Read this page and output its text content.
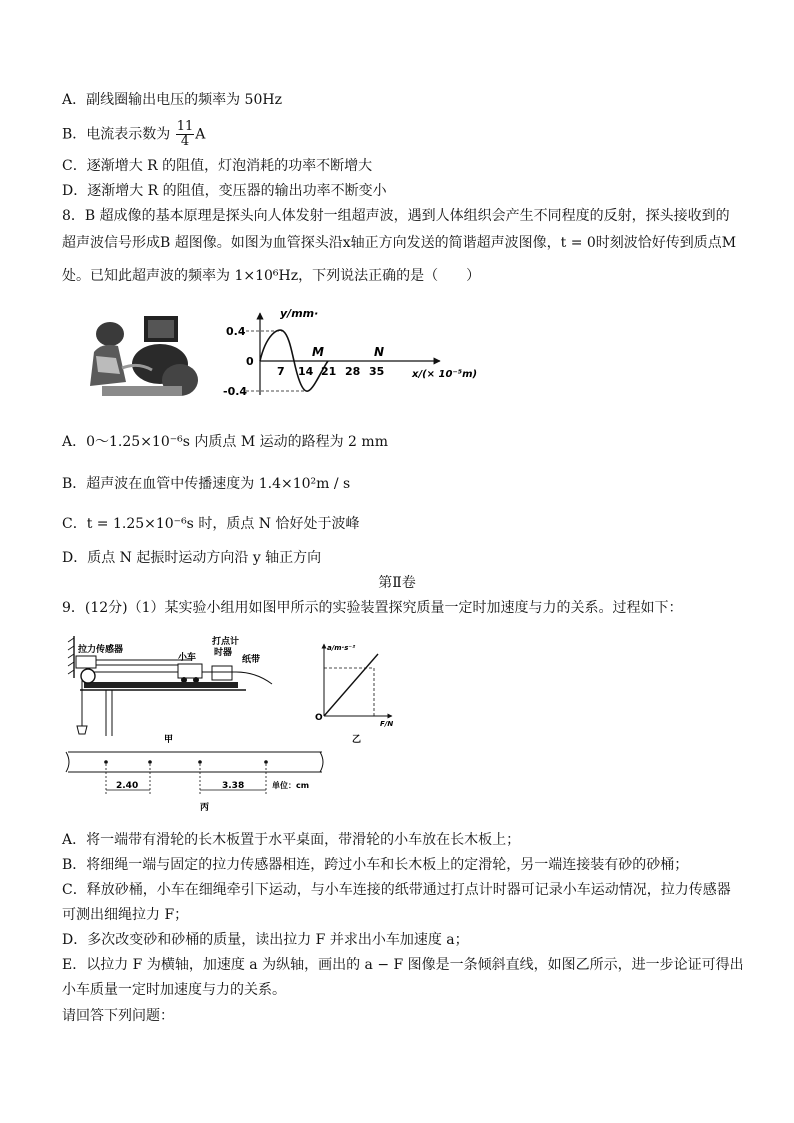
A．副线圈输出电压的频率为 50Hz
B．电流表示数为 $\frac{11}{4}$ A
C．逐渐增大 R 的阻值，灯泡消耗的功率不断增大
D．逐渐增大 R 的阻值，变压器的输出功率不断变小
8．B 超成像的基本原理是探头向人体发射一组超声波，遇到人体组织会产生不同程度的反射，探头接收到的
超声波信号形成B 超图像。如图为血管探头沿x轴正方向发送的简谐超声波图像，t = 0时刻波恰好传到质点M
处。已知此超声波的频率为 1×10⁶Hz，下列说法正确的是（　　）
y/mm·
0.4
0
-0.4
7 14 21 28 35
M	N
x/(× 10⁻⁵m)
A．0～1.25×10⁻⁶s 内质点 M 运动的路程为 2 mm
B．超声波在血管中传播速度为 1.4×10²m / s
C．t = 1.25×10⁻⁶s 时，质点 N 恰好处于波峰
D．质点 N 起振时运动方向沿 y 轴正方向
第Ⅱ卷
9．(12分)（1）某实验小组用如图甲所示的实验装置探究质量一定时加速度与力的关系。过程如下：
拉力传感器
小车
打点计
时器
纸带
甲
a/m·s⁻²
F/N
O
乙
2.40	3.38	单位：cm
丙
A．将一端带有滑轮的长木板置于水平桌面，带滑轮的小车放在长木板上；
B．将细绳一端与固定的拉力传感器相连，跨过小车和长木板上的定滑轮，另一端连接装有砂的砂桶；
C．释放砂桶，小车在细绳牵引下运动，与小车连接的纸带通过打点计时器可记录小车运动情况，拉力传感器
可测出细绳拉力 F；
D．多次改变砂和砂桶的质量，读出拉力 F 并求出小车加速度 a；
E．以拉力 F 为横轴，加速度 a 为纵轴，画出的 a − F 图像是一条倾斜直线，如图乙所示，进一步论证可得出
小车质量一定时加速度与力的关系。
请回答下列问题：
